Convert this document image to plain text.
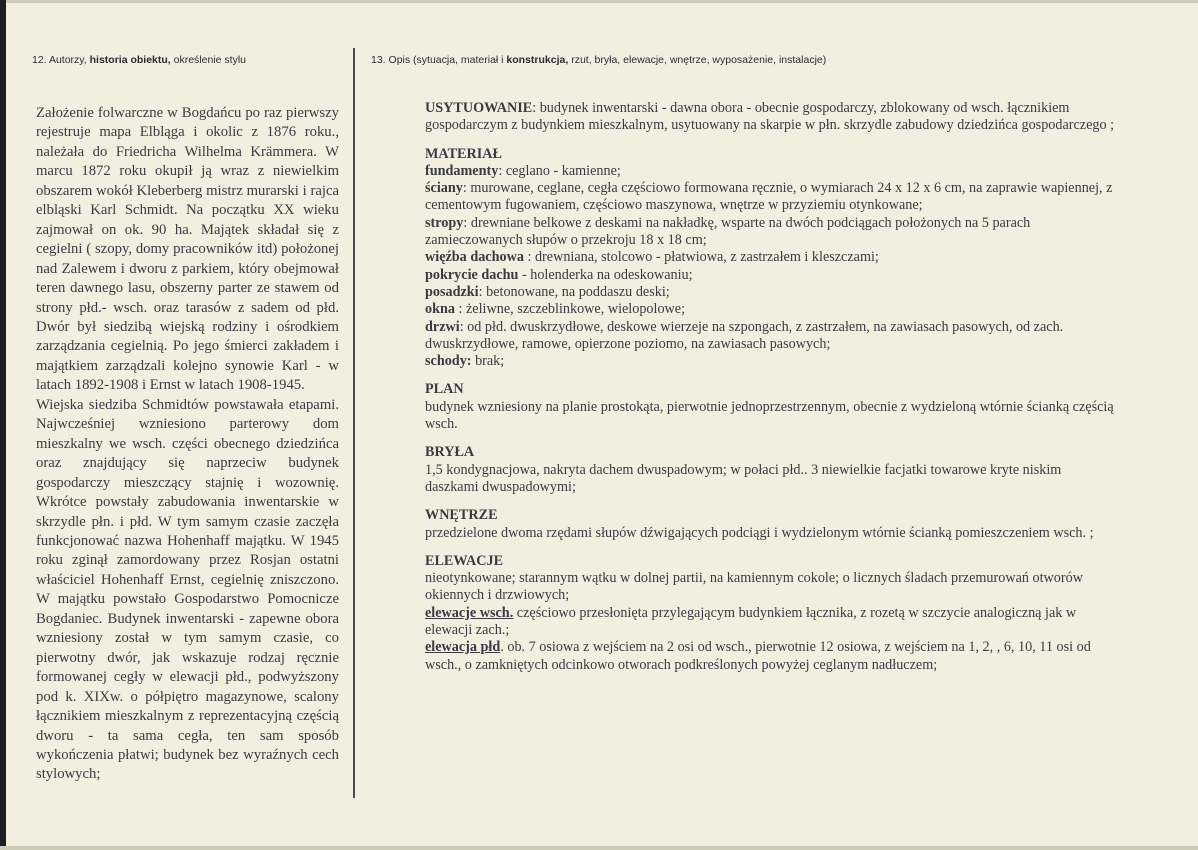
12. Autorzy, historia obiektu, określenie stylu	13. Opis (sytuacja, materiał i konstrukcja, rzut, bryła, elewacje, wnętrze, wyposażenie, instalacje)

Założenie folwarczne w Bogdańcu po raz pierwszy rejestruje mapa Elbląga i okolic z 1876 roku., należała do Friedricha Wilhelma Krämmera. W marcu 1872 roku okupił ją wraz z niewielkim obszarem wokół Kleberberg mistrz murarski i rajca elbląski Karl Schmidt. Na początku XX wieku zajmował on ok. 90 ha. Majątek składał się z cegielni ( szopy, domy pracowników itd) położonej nad Zalewem i dworu z parkiem, który obejmował teren dawnego lasu, obszerny parter ze stawem od strony płd.- wsch. oraz tarasów z sadem od płd. Dwór był siedzibą wiejską rodziny i ośrodkiem zarządzania cegielnią. Po jego śmierci zakładem i majątkiem zarządzali kolejno synowie Karl - w latach 1892-1908 i Ernst w latach 1908-1945.

Wiejska siedziba Schmidtów powstawała etapami. Najwcześniej wzniesiono parterowy dom mieszkalny we wsch. części obecnego dziedzińca oraz znajdujący się naprzeciw budynek gospodarczy mieszczący stajnię i wozownię. Wkrótce powstały zabudowania inwentarskie w skrzydle płn. i płd. W tym samym czasie zaczęła funkcjonować nazwa Hohenhaff majątku. W 1945 roku zginął zamordowany przez Rosjan ostatni właściciel Hohenhaff Ernst, cegielnię zniszczono. W majątku powstało Gospodarstwo Pomocnicze Bogdaniec. Budynek inwentarski - zapewne obora wzniesiony został w tym samym czasie, co pierwotny dwór, jak wskazuje rodzaj ręcznie formowanej cegły w elewacji płd., podwyższony pod k. XIXw. o półpiętro magazynowe, scalony łącznikiem mieszkalnym z reprezentacyjną częścią dworu - ta sama cegła, ten sam sposób wykończenia płatwi; budynek bez wyraźnych cech stylowych;

USYTUOWANIE: budynek inwentarski - dawna obora - obecnie gospodarczy, zblokowany od wsch. łącznikiem gospodarczym z budynkiem mieszkalnym, usytuowany na skarpie w płn. skrzydle zabudowy dziedzińca gospodarczego ;

MATERIAŁ

fundamenty: ceglano - kamienne;

ściany: murowane, ceglane, cegła częściowo formowana ręcznie, o wymiarach 24 x 12 x 6 cm, na zaprawie wapiennej, z cementowym fugowaniem, częściowo maszynowa, wnętrze w przyziemiu otynkowane;

stropy: drewniane belkowe z deskami na nakładkę, wsparte na dwóch podciągach położonych na 5 parach zamieczowanych słupów o przekroju 18 x 18 cm;

więźba dachowa : drewniana, stolcowo - płatwiowa, z zastrzałem i kleszczami;

pokrycie dachu - holenderka na odeskowaniu;

posadzki: betonowane, na poddaszu deski;

okna : żeliwne, szczeblinkowe, wielopolowe;

drzwi: od płd. dwuskrzydłowe, deskowe wierzeje na szpongach, z zastrzałem, na zawiasach pasowych, od zach. dwuskrzydłowe, ramowe, opierzone poziomo, na zawiasach pasowych;

schody: brak;

PLAN

budynek wzniesiony na planie prostokąta, pierwotnie jednoprzestrzennym, obecnie z wydzieloną wtórnie ścianką częścią wsch.

BRYŁA

1,5 kondygnacjowa, nakryta dachem dwuspadowym; w połaci płd.. 3 niewielkie facjatki towarowe kryte niskim daszkami dwuspadowymi;

WNĘTRZE

przedzielone dwoma rzędami słupów dźwigających podciągi i wydzielonym wtórnie ścianką pomieszczeniem wsch. ;

ELEWACJE

nieotynkowane; starannym wątku w dolnej partii, na kamiennym cokole; o licznych śladach przemurowań otworów okiennych i drzwiowych;

elewacje wsch. częściowo przesłonięta przylegającym budynkiem łącznika, z rozetą w szczycie analogiczną jak w elewacji zach.;

elewacja płd. ob. 7 osiowa z wejściem na 2 osi od wsch., pierwotnie 12 osiowa, z wejściem na 1, 2, , 6, 10, 11 osi od wsch., o zamkniętych odcinkowo otworach podkreślonych powyżej ceglanym nadłuczem;
